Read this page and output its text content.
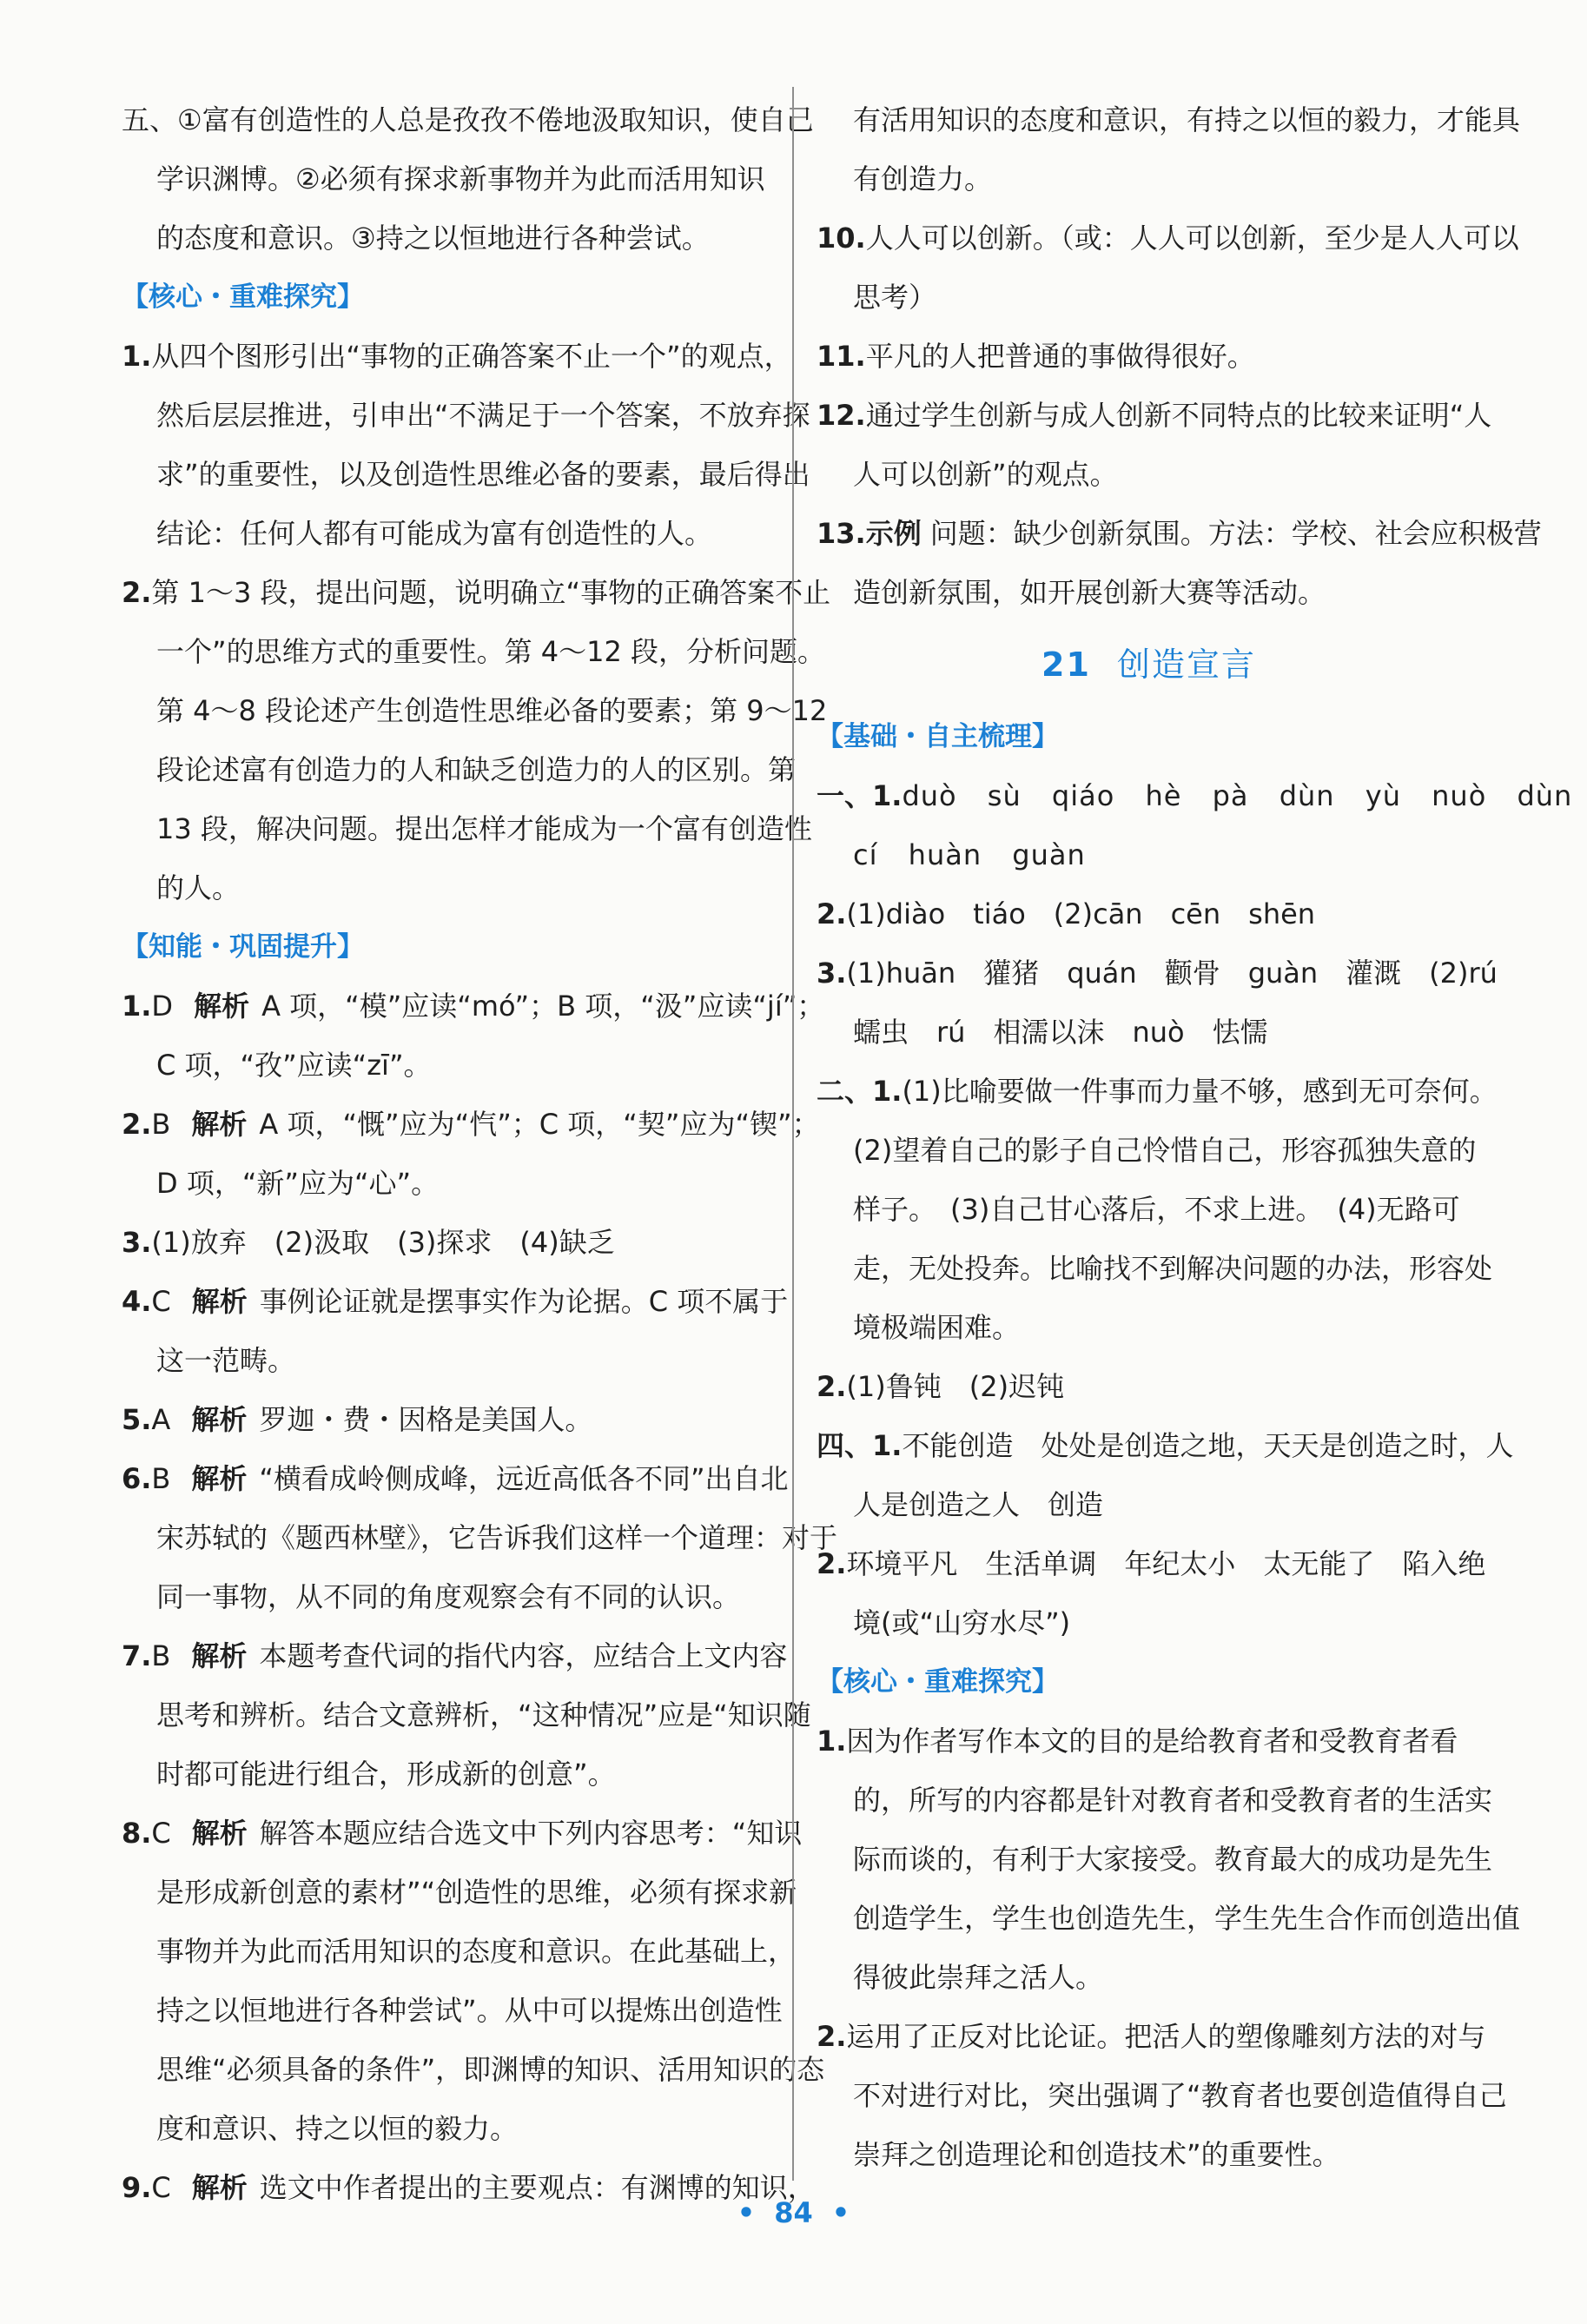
五、①富有创造性的人总是孜孜不倦地汲取知识，使自己
学识渊博。②必须有探求新事物并为此而活用知识
的态度和意识。③持之以恒地进行各种尝试。
【核心・重难探究】
1.从四个图形引出“事物的正确答案不止一个”的观点，
然后层层推进，引申出“不满足于一个答案，不放弃探
求”的重要性，以及创造性思维必备的要素，最后得出
结论：任何人都有可能成为富有创造性的人。
2.第 1～3 段，提出问题，说明确立“事物的正确答案不止
一个”的思维方式的重要性。第 4～12 段，分析问题。
第 4～8 段论述产生创造性思维必备的要素；第 9～12
段论述富有创造力的人和缺乏创造力的人的区别。第
13 段，解决问题。提出怎样才能成为一个富有创造性
的人。
【知能・巩固提升】
1.D 解析 A 项，“模”应读“mó”；B 项，“汲”应读“jí”；
C 项，“孜”应读“zī”。
2.B 解析 A 项，“慨”应为“忾”；C 项，“契”应为“锲”；
D 项，“新”应为“心”。
3.(1)放弃　(2)汲取　(3)探求　(4)缺乏
4.C 解析 事例论证就是摆事实作为论据。C 项不属于
这一范畴。
5.A 解析 罗迦・费・因格是美国人。
6.B 解析 “横看成岭侧成峰，远近高低各不同”出自北
宋苏轼的《题西林壁》，它告诉我们这样一个道理：对于
同一事物，从不同的角度观察会有不同的认识。
7.B 解析 本题考查代词的指代内容，应结合上文内容
思考和辨析。结合文意辨析，“这种情况”应是“知识随
时都可能进行组合，形成新的创意”。
8.C 解析 解答本题应结合选文中下列内容思考：“知识
是形成新创意的素材”“创造性的思维，必须有探求新
事物并为此而活用知识的态度和意识。在此基础上，
持之以恒地进行各种尝试”。从中可以提炼出创造性
思维“必须具备的条件”，即渊博的知识、活用知识的态
度和意识、持之以恒的毅力。
9.C 解析 选文中作者提出的主要观点：有渊博的知识，
有活用知识的态度和意识，有持之以恒的毅力，才能具
有创造力。
10.人人可以创新。（或：人人可以创新，至少是人人可以
思考）
11.平凡的人把普通的事做得很好。
12.通过学生创新与成人创新不同特点的比较来证明“人
人可以创新”的观点。
13.示例 问题：缺少创新氛围。方法：学校、社会应积极营
造创新氛围，如开展创新大赛等活动。
21 创造宣言
【基础・自主梳理】
一、1.duò sù qiáo hè pà dùn yù nuò dùn
cí huàn guàn
2.(1)diào　tiáo　(2)cān　cēn　shēn
3.(1)huān　獾猪　quán　颧骨　guàn　灌溉　(2)rú
蠕虫　rú　相濡以沫　nuò　怯懦
二、1.(1)比喻要做一件事而力量不够，感到无可奈何。
(2)望着自己的影子自己怜惜自己，形容孤独失意的
样子。　(3)自己甘心落后，不求上进。　(4)无路可
走，无处投奔。比喻找不到解决问题的办法，形容处
境极端困难。
2.(1)鲁钝　(2)迟钝
四、1.不能创造　处处是创造之地，天天是创造之时，人
人是创造之人　创造
2.环境平凡　生活单调　年纪太小　太无能了　陷入绝
境(或“山穷水尽”)
【核心・重难探究】
1.因为作者写作本文的目的是给教育者和受教育者看
的，所写的内容都是针对教育者和受教育者的生活实
际而谈的，有利于大家接受。教育最大的成功是先生
创造学生，学生也创造先生，学生先生合作而创造出值
得彼此崇拜之活人。
2.运用了正反对比论证。把活人的塑像雕刻方法的对与
不对进行对比，突出强调了“教育者也要创造值得自己
崇拜之创造理论和创造技术”的重要性。
• 84 •
